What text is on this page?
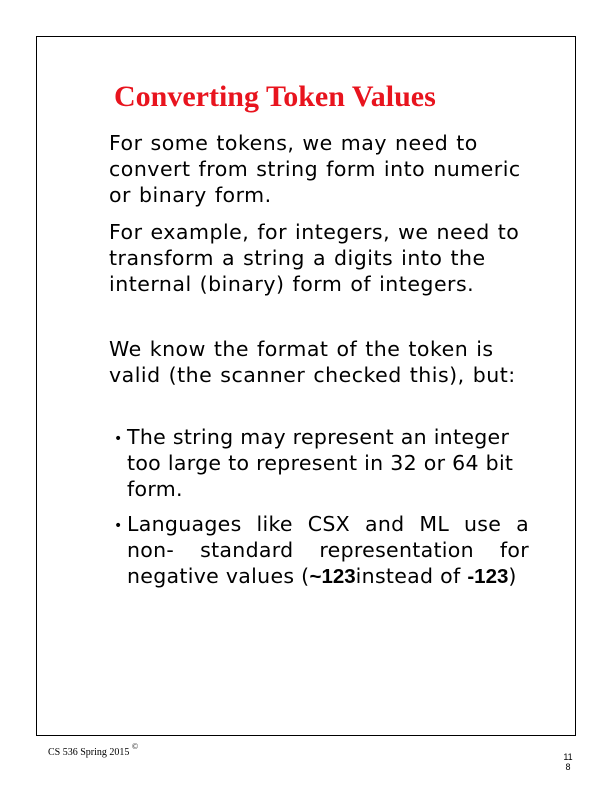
Converting Token Values

For some tokens, we may need to convert from string form into numeric or binary form.

For example, for integers, we need to transform a string a digits into the internal (binary) form of integers.

We know the format of the token is valid (the scanner checked this), but:

• The string may represent an integer too large to represent in 32 or 64 bit form.

• Languages like CSX and ML use a non- standard representation for negative values (~123instead of -123)

CS 536 Spring 2015
©
11
8
